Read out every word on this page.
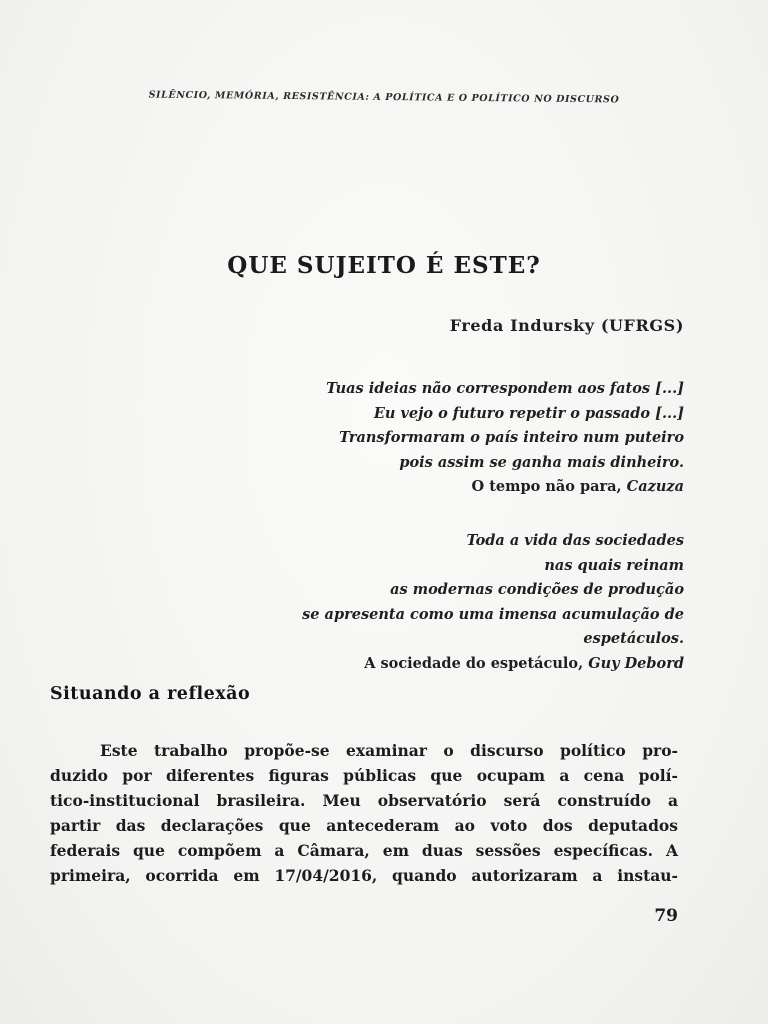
SILÊNCIO, MEMÓRIA, RESISTÊNCIA: A POLÍTICA E O POLÍTICO NO DISCURSO
QUE SUJEITO É ESTE?
Freda Indursky (UFRGS)
Tuas ideias não correspondem aos fatos [...]
Eu vejo o futuro repetir o passado [...]
Transformaram o país inteiro num puteiro
pois assim se ganha mais dinheiro.
O tempo não para, Cazuza
Toda a vida das sociedades
nas quais reinam
as modernas condições de produção
se apresenta como uma imensa acumulação de
espetáculos.
A sociedade do espetáculo, Guy Debord
Situando a reflexão
Este trabalho propõe-se examinar o discurso político pro-
duzido por diferentes figuras públicas que ocupam a cena polí-
tico-institucional brasileira. Meu observatório será construído a
partir das declarações que antecederam ao voto dos deputados
federais que compõem a Câmara, em duas sessões específicas. A
primeira, ocorrida em 17/04/2016, quando autorizaram a instau-
79
